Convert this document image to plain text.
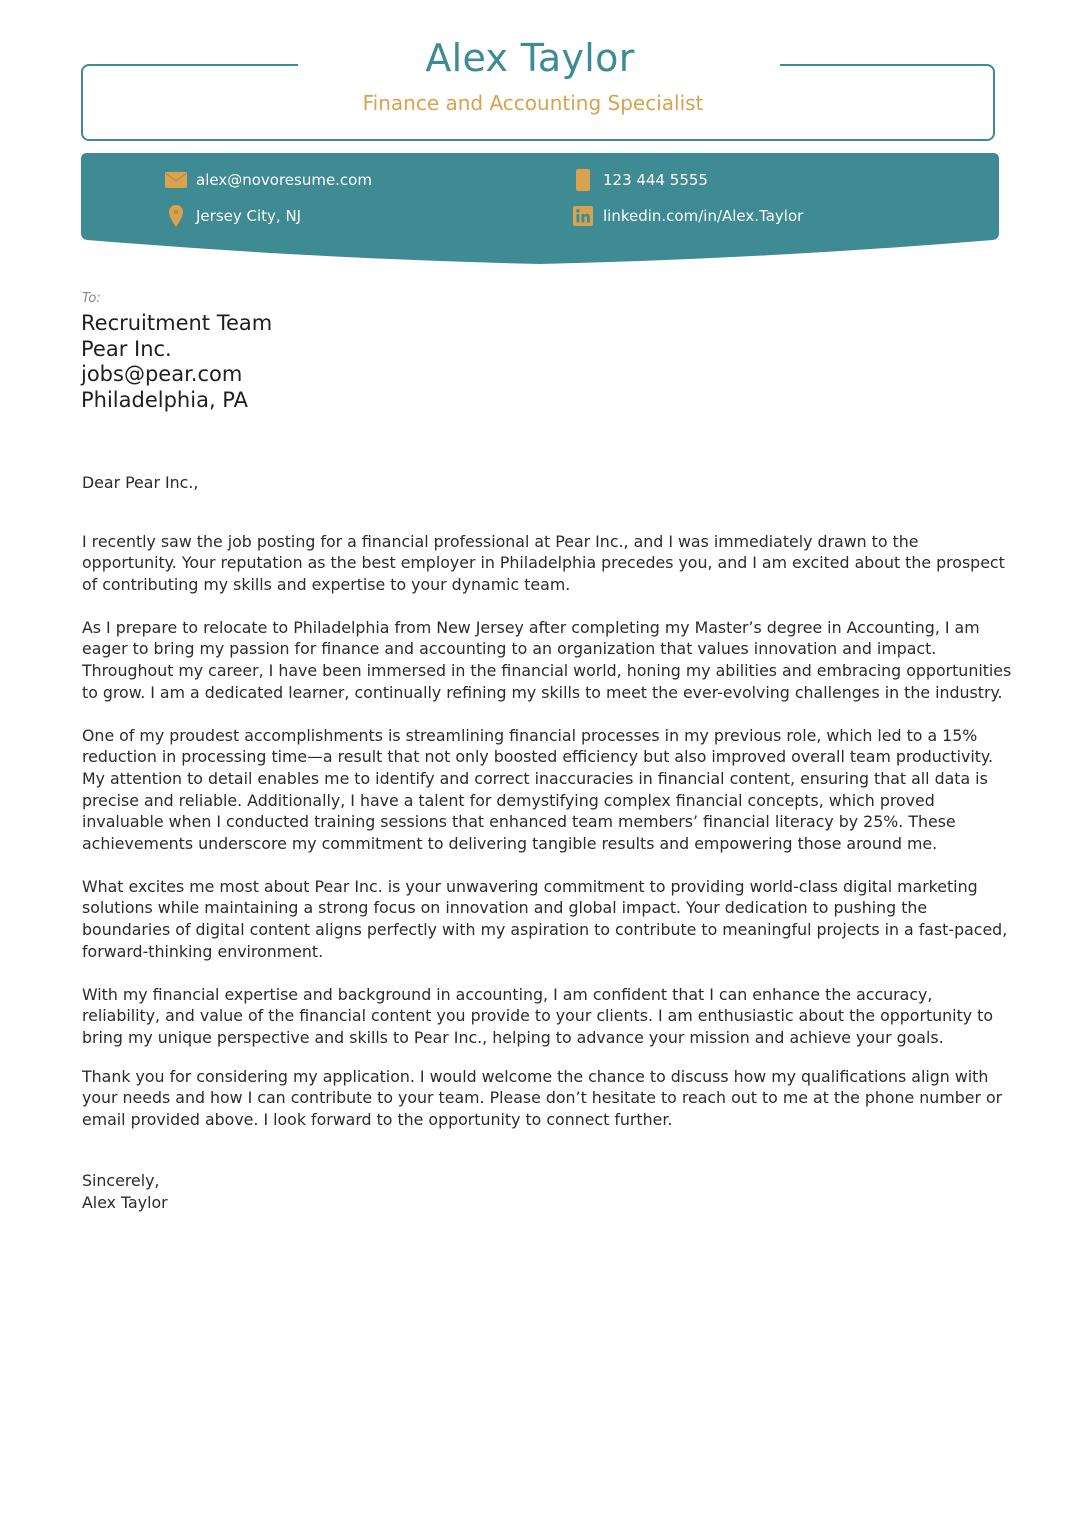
Alex Taylor
Finance and Accounting Specialist
alex@novoresume.com	123 444 5555
Jersey City, NJ	linkedin.com/in/Alex.Taylor
To:
Recruitment Team
Pear Inc.
jobs@pear.com
Philadelphia, PA
Dear Pear Inc.,

I recently saw the job posting for a financial professional at Pear Inc., and I was immediately drawn to the opportunity. Your reputation as the best employer in Philadelphia precedes you, and I am excited about the prospect of contributing my skills and expertise to your dynamic team.

As I prepare to relocate to Philadelphia from New Jersey after completing my Master’s degree in Accounting, I am eager to bring my passion for finance and accounting to an organization that values innovation and impact. Throughout my career, I have been immersed in the financial world, honing my abilities and embracing opportunities to grow. I am a dedicated learner, continually refining my skills to meet the ever-evolving challenges in the industry.

One of my proudest accomplishments is streamlining financial processes in my previous role, which led to a 15% reduction in processing time—a result that not only boosted efficiency but also improved overall team productivity. My attention to detail enables me to identify and correct inaccuracies in financial content, ensuring that all data is precise and reliable. Additionally, I have a talent for demystifying complex financial concepts, which proved invaluable when I conducted training sessions that enhanced team members’ financial literacy by 25%. These achievements underscore my commitment to delivering tangible results and empowering those around me.

What excites me most about Pear Inc. is your unwavering commitment to providing world-class digital marketing solutions while maintaining a strong focus on innovation and global impact. Your dedication to pushing the boundaries of digital content aligns perfectly with my aspiration to contribute to meaningful projects in a fast-paced, forward-thinking environment.

With my financial expertise and background in accounting, I am confident that I can enhance the accuracy, reliability, and value of the financial content you provide to your clients. I am enthusiastic about the opportunity to bring my unique perspective and skills to Pear Inc., helping to advance your mission and achieve your goals.

Thank you for considering my application. I would welcome the chance to discuss how my qualifications align with your needs and how I can contribute to your team. Please don’t hesitate to reach out to me at the phone number or email provided above. I look forward to the opportunity to connect further.

Sincerely,
Alex Taylor
